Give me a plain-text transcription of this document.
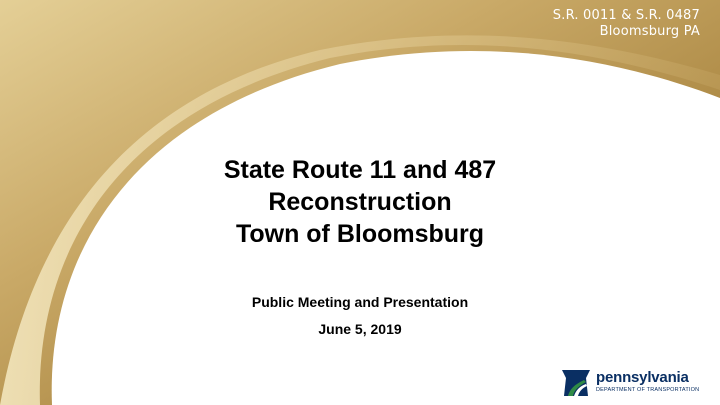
S.R. 0011 & S.R. 0487
Bloomsburg PA
State Route 11 and 487
Reconstruction
Town of Bloomsburg
Public Meeting and Presentation
June 5, 2019
pennsylvania
DEPARTMENT OF TRANSPORTATION
